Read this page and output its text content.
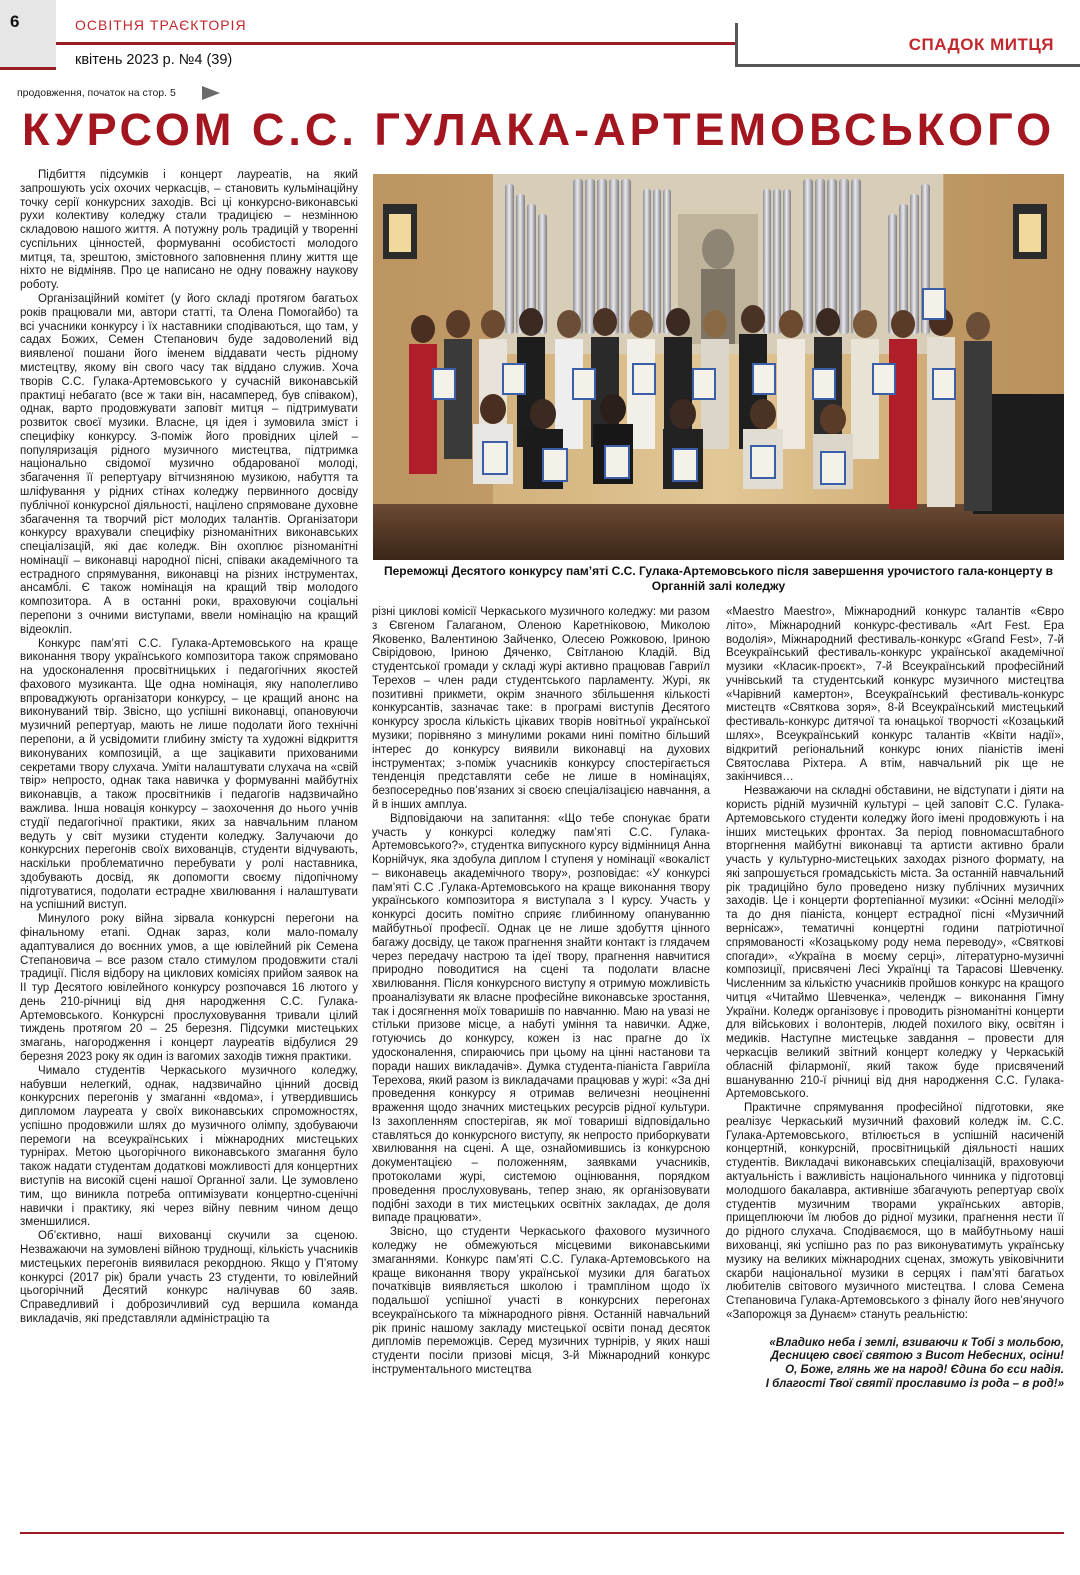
6	ОСВІТНЯ ТРАЄКТОРІЯ
квітень 2023 р. №4 (39)
СПАДОК МИТЦЯ
продовження, початок на стор. 5
КУРСОМ С.С. ГУЛАКА-АРТЕМОВСЬКОГО

Підбиття підсумків і концерт лауреатів, на який запрошують усіх охочих черкасців, – становить кульмінаційну точку серії конкурсних заходів. Всі ці конкурсно-виконавські рухи колективу коледжу стали традицією – незмінною складовою нашого життя. А потужну роль традицій у творенні суспільних цінностей, формуванні особистості молодого митця, та, зрештою, змістовного заповнення плину життя ще ніхто не відміняв. Про це написано не одну поважну наукову роботу.

Організаційний комітет (у його складі протягом багатьох років працювали ми, автори статті, та Олена Помогайбо) та всі учасники конкурсу і їх наставники сподіваються, що там, у садах Божих, Семен Степанович буде задоволений від виявленої пошани його іменем віддавати честь рідному мистецтву, якому він свого часу так віддано служив. Хоча творів С.С. Гулака-Артемовського у сучасній виконавській практиці небагато (все ж таки він, насамперед, був співаком), однак, варто продовжувати заповіт митця – підтримувати розвиток своєї музики. Власне, ця ідея і зумовила зміст і специфіку конкурсу. З-поміж його провідних цілей – популяризація рідного музичного мистецтва, підтримка національно свідомої музично обдарованої молоді, збагачення її репертуару вітчизняною музикою, набуття та шліфування у рідних стінах коледжу первинного досвіду публічної конкурсної діяльності, націлено спрямоване духовне збагачення та творчий ріст молодих талантів. Організатори конкурсу врахували специфіку різноманітних виконавських спеціалізацій, які дає коледж. Він охоплює різноманітні номінації – виконавці народної пісні, співаки академічного та естрадного спрямування, виконавці на різних інструментах, ансамблі. Є також номінація на кращий твір молодого композитора. А в останні роки, враховуючи соціальні перепони з очними виступами, ввели номінацію на кращий відеокліп.

Конкурс пам’яті С.С. Гулака-Артемовського на краще виконання твору українського композитора також спрямовано на удосконалення просвітницьких і педагогічних якостей фахового музиканта. Ще одна номінація, яку наполегливо впроваджують організатори конкурсу, – це кращий анонс на виконуваний твір. Звісно, що успішні виконавці, опановуючи музичний репертуар, мають не лише подолати його технічні перепони, а й усвідомити глибину змісту та художні відкриття виконуваних композицій, а ще зацікавити прихованими секретами твору слухача. Уміти налаштувати слухача на «свій твір» непросто, однак така навичка у формуванні майбутніх виконавців, а також просвітників і педагогів надзвичайно важлива. Інша новація конкурсу – заохочення до нього учнів студії педагогічної практики, яких за навчальним планом ведуть у світ музики студенти коледжу. Залучаючи до конкурсних перегонів своїх вихованців, студенти відчувають, наскільки проблематично перебувати у ролі наставника, здобувають досвід, як допомогти своєму підопічному підготуватися, подолати естрадне хвилювання і налаштувати на успішний виступ.

Минулого року війна зірвала конкурсні перегони на фінальному етапі. Однак зараз, коли мало-помалу адаптувалися до воєнних умов, а ще ювілейний рік Семена Степановича – все разом стало стимулом продовжити сталі традиції. Після відбору на циклових комісіях прийом заявок на ІІ тур Десятого ювілейного конкурсу розпочався 16 лютого у день 210-річниці від дня народження С.С. Гулака-Артемовського. Конкурсні прослуховування тривали цілий тиждень протягом 20 – 25 березня. Підсумки мистецьких змагань, нагородження і концерт лауреатів відбулися 29 березня 2023 року як один із вагомих заходів тижня практики.

Чимало студентів Черкаського музичного коледжу, набувши нелегкий, однак, надзвичайно цінний досвід конкурсних перегонів у змаганні «вдома», і утвердившись дипломом лауреата у своїх виконавських спроможностях, успішно продовжили шлях до музичного олімпу, здобуваючи перемоги на всеукраїнських і міжнародних мистецьких турнірах. Метою цьогорічного виконавського змагання було також надати студентам додаткові можливості для концертних виступів на високій сцені нашої Органної зали. Це зумовлено тим, що виникла потреба оптимізувати концертно-сценічні навички і практику, які через війну певним чином дещо зменшилися.

Об’єктивно, наші вихованці скучили за сценою. Незважаючи на зумовлені війною труднощі, кількість учасників мистецьких перегонів виявилася рекордною. Якщо у П’ятому конкурсі (2017 рік) брали участь 23 студенти, то ювілейний цьогорічний Десятий конкурс налічував 60 заяв. Справедливий і доброзичливий суд вершила команда викладачів, які представляли адміністрацію та

Переможці Десятого конкурсу пам’яті С.С. Гулака-Артемовського після завершення урочистого гала-концерту в Органній залі коледжу

різні циклові комісії Черкаського музичного коледжу: ми разом з Євгеном Галаганом, Оленою Каретніковою, Миколою Яковенко, Валентиною Зайченко, Олесею Рожковою, Іриною Свірідовою, Іриною Дяченко, Світланою Кладій. Від студентської громади у складі журі активно працював Гавриїл Терехов – член ради студентського парламенту. Журі, як позитивні прикмети, окрім значного збільшення кількості конкурсантів, зазначає таке: в програмі виступів Десятого конкурсу зросла кількість цікавих творів новітньої української музики; порівняно з минулими роками нині помітно більший інтерес до конкурсу виявили виконавці на духових інструментах; з-поміж учасників конкурсу спостерігається тенденція представляти себе не лише в номінаціях, безпосередньо пов’язаних зі своєю спеціалізацією навчання, а й в інших амплуа.

Відповідаючи на запитання: «Що тебе спонукає брати участь у конкурсі коледжу пам’яті С.С. Гулака-Артемовського?», студентка випускного курсу відмінниця Анна Корнійчук, яка здобула диплом І ступеня у номінації «вокаліст – виконавець академічного твору», розповідає: «У конкурсі пам’яті С.С .Гулака-Артемовського на краще виконання твору українського композитора я виступала з І курсу. Участь у конкурсі досить помітно сприяє глибинному опануванню майбутньої професії. Однак це не лише здобуття цінного багажу досвіду, це також прагнення знайти контакт із глядачем через передачу настрою та ідеї твору, прагнення навчитися природно поводитися на сцені та подолати власне хвилювання. Після конкурсного виступу я отримую можливість проаналізувати як власне професійне виконавське зростання, так і досягнення моїх товаришів по навчанню. Маю на увазі не стільки призове місце, а набуті уміння та навички. Адже, готуючись до конкурсу, кожен із нас прагне до їх удосконалення, спираючись при цьому на цінні настанови та поради наших викладачів». Думка студента-піаніста Гавриїла Терехова, який разом із викладачами працював у журі: «За дні проведення конкурсу я отримав величезні неоціненні враження щодо значних мистецьких ресурсів рідної культури. Із захопленням спостерігав, як мої товариші відповідально ставляться до конкурсного виступу, як непросто приборкувати хвилювання на сцені. А ще, ознайомившись із конкурсною документацією – положенням, заявками учасників, протоколами журі, системою оцінювання, порядком проведення прослуховувань, тепер знаю, як організовувати подібні заходи в тих мистецьких освітніх закладах, де доля випаде працювати».

Звісно, що студенти Черкаського фахового музичного коледжу не обмежуються місцевими виконавськими змаганнями. Конкурс пам’яті С.С. Гулака-Артемовського на краще виконання твору української музики для багатьох початківців виявляється школою і трампліном щодо їх подальшої успішної участі в конкурсних перегонах всеукраїнського та міжнародного рівня. Останній навчальний рік приніс нашому закладу мистецької освіти понад десяток дипломів переможців. Серед музичних турнірів, у яких наші студенти посіли призові місця, 3-й Міжнародний конкурс інструментального мистецтва

«Maestro Maestro», Міжнародний конкурс талантів «Євро літо», Міжнародний конкурс-фестиваль «Art Fest. Ера водолія», Міжнародний фестиваль-конкурс «Grand Fest», 7-й Всеукраїнський фестиваль-конкурс української академічної музики «Класик-проєкт», 7-й Всеукраїнський професійний учнівський та студентський конкурс музичного мистецтва «Чарівний камертон», Всеукраїнський фестиваль-конкурс мистецтв «Святкова зоря», 8-й Всеукраїнський мистецький фестиваль-конкурс дитячої та юнацької творчості «Козацький шлях», Всеукраїнський конкурс талантів «Квіти надії», відкритий регіональний конкурс юних піаністів імені Святослава Ріхтера. А втім, навчальний рік ще не закінчився…

Незважаючи на складні обставини, не відступати і діяти на користь рідній музичній культурі – цей заповіт С.С. Гулака-Артемовського студенти коледжу його імені продовжують і на інших мистецьких фронтах. За період повномасштабного вторгнення майбутні виконавці та артисти активно брали участь у культурно-мистецьких заходах різного формату, на які запрошується громадськість міста. За останній навчальний рік традиційно було проведено низку публічних музичних заходів. Це і концерти фортепіанної музики: «Осінні мелодії» та до дня піаніста, концерт естрадної пісні «Музичний вернісаж», тематичні концертні години патріотичної спрямованості «Козацькому роду нема переводу», «Святкові спогади», «Україна в моєму серці», літературно-музичні композиції, присвячені Лесі Українці та Тарасові Шевченку. Численним за кількістю учасників пройшов конкурс на кращого читця «Читаймо Шевченка», челендж – виконання Гімну України. Коледж організовує і проводить різноманітні концерти для військових і волонтерів, людей похилого віку, освітян і медиків. Наступне мистецьке завдання – провести для черкасців великий звітний концерт коледжу у Черкаській обласній філармонії, який також буде присвячений вшануванню 210-ї річниці від дня народження С.С. Гулака-Артемовського.

Практичне спрямування професійної підготовки, яке реалізує Черкаський музичний фаховий коледж ім. С.С. Гулака-Артемовського, втілюється в успішній насиченій концертній, конкурсній, просвітницькій діяльності наших студентів. Викладачі виконавських спеціалізацій, враховуючи актуальність і важливість національного чинника у підготовці молодшого бакалавра, активніше збагачують репертуар своїх студентів музичним творами українських авторів, прищеплюючи їм любов до рідної музики, прагнення нести її до рідного слухача. Сподіваємося, що в майбутньому наші вихованці, які успішно раз по раз виконуватимуть українську музику на великих міжнародних сценах, зможуть увіковічнити скарби національної музики в серцях і пам’яті багатьох любителів світового музичного мистецтва. І слова Семена Степановича Гулака-Артемовського з фіналу його нев’янучого «Запорожця за Дунаєм» стануть реальністю:

«Владико неба і землі, взиваючи к Тобі з мольбою,

Десницею своєї святою з Висот Небесних, осіни!

О, Боже, глянь же на народ! Єдина бо єси надія.

І благості Твої святії прославимо із рода – в род!»
